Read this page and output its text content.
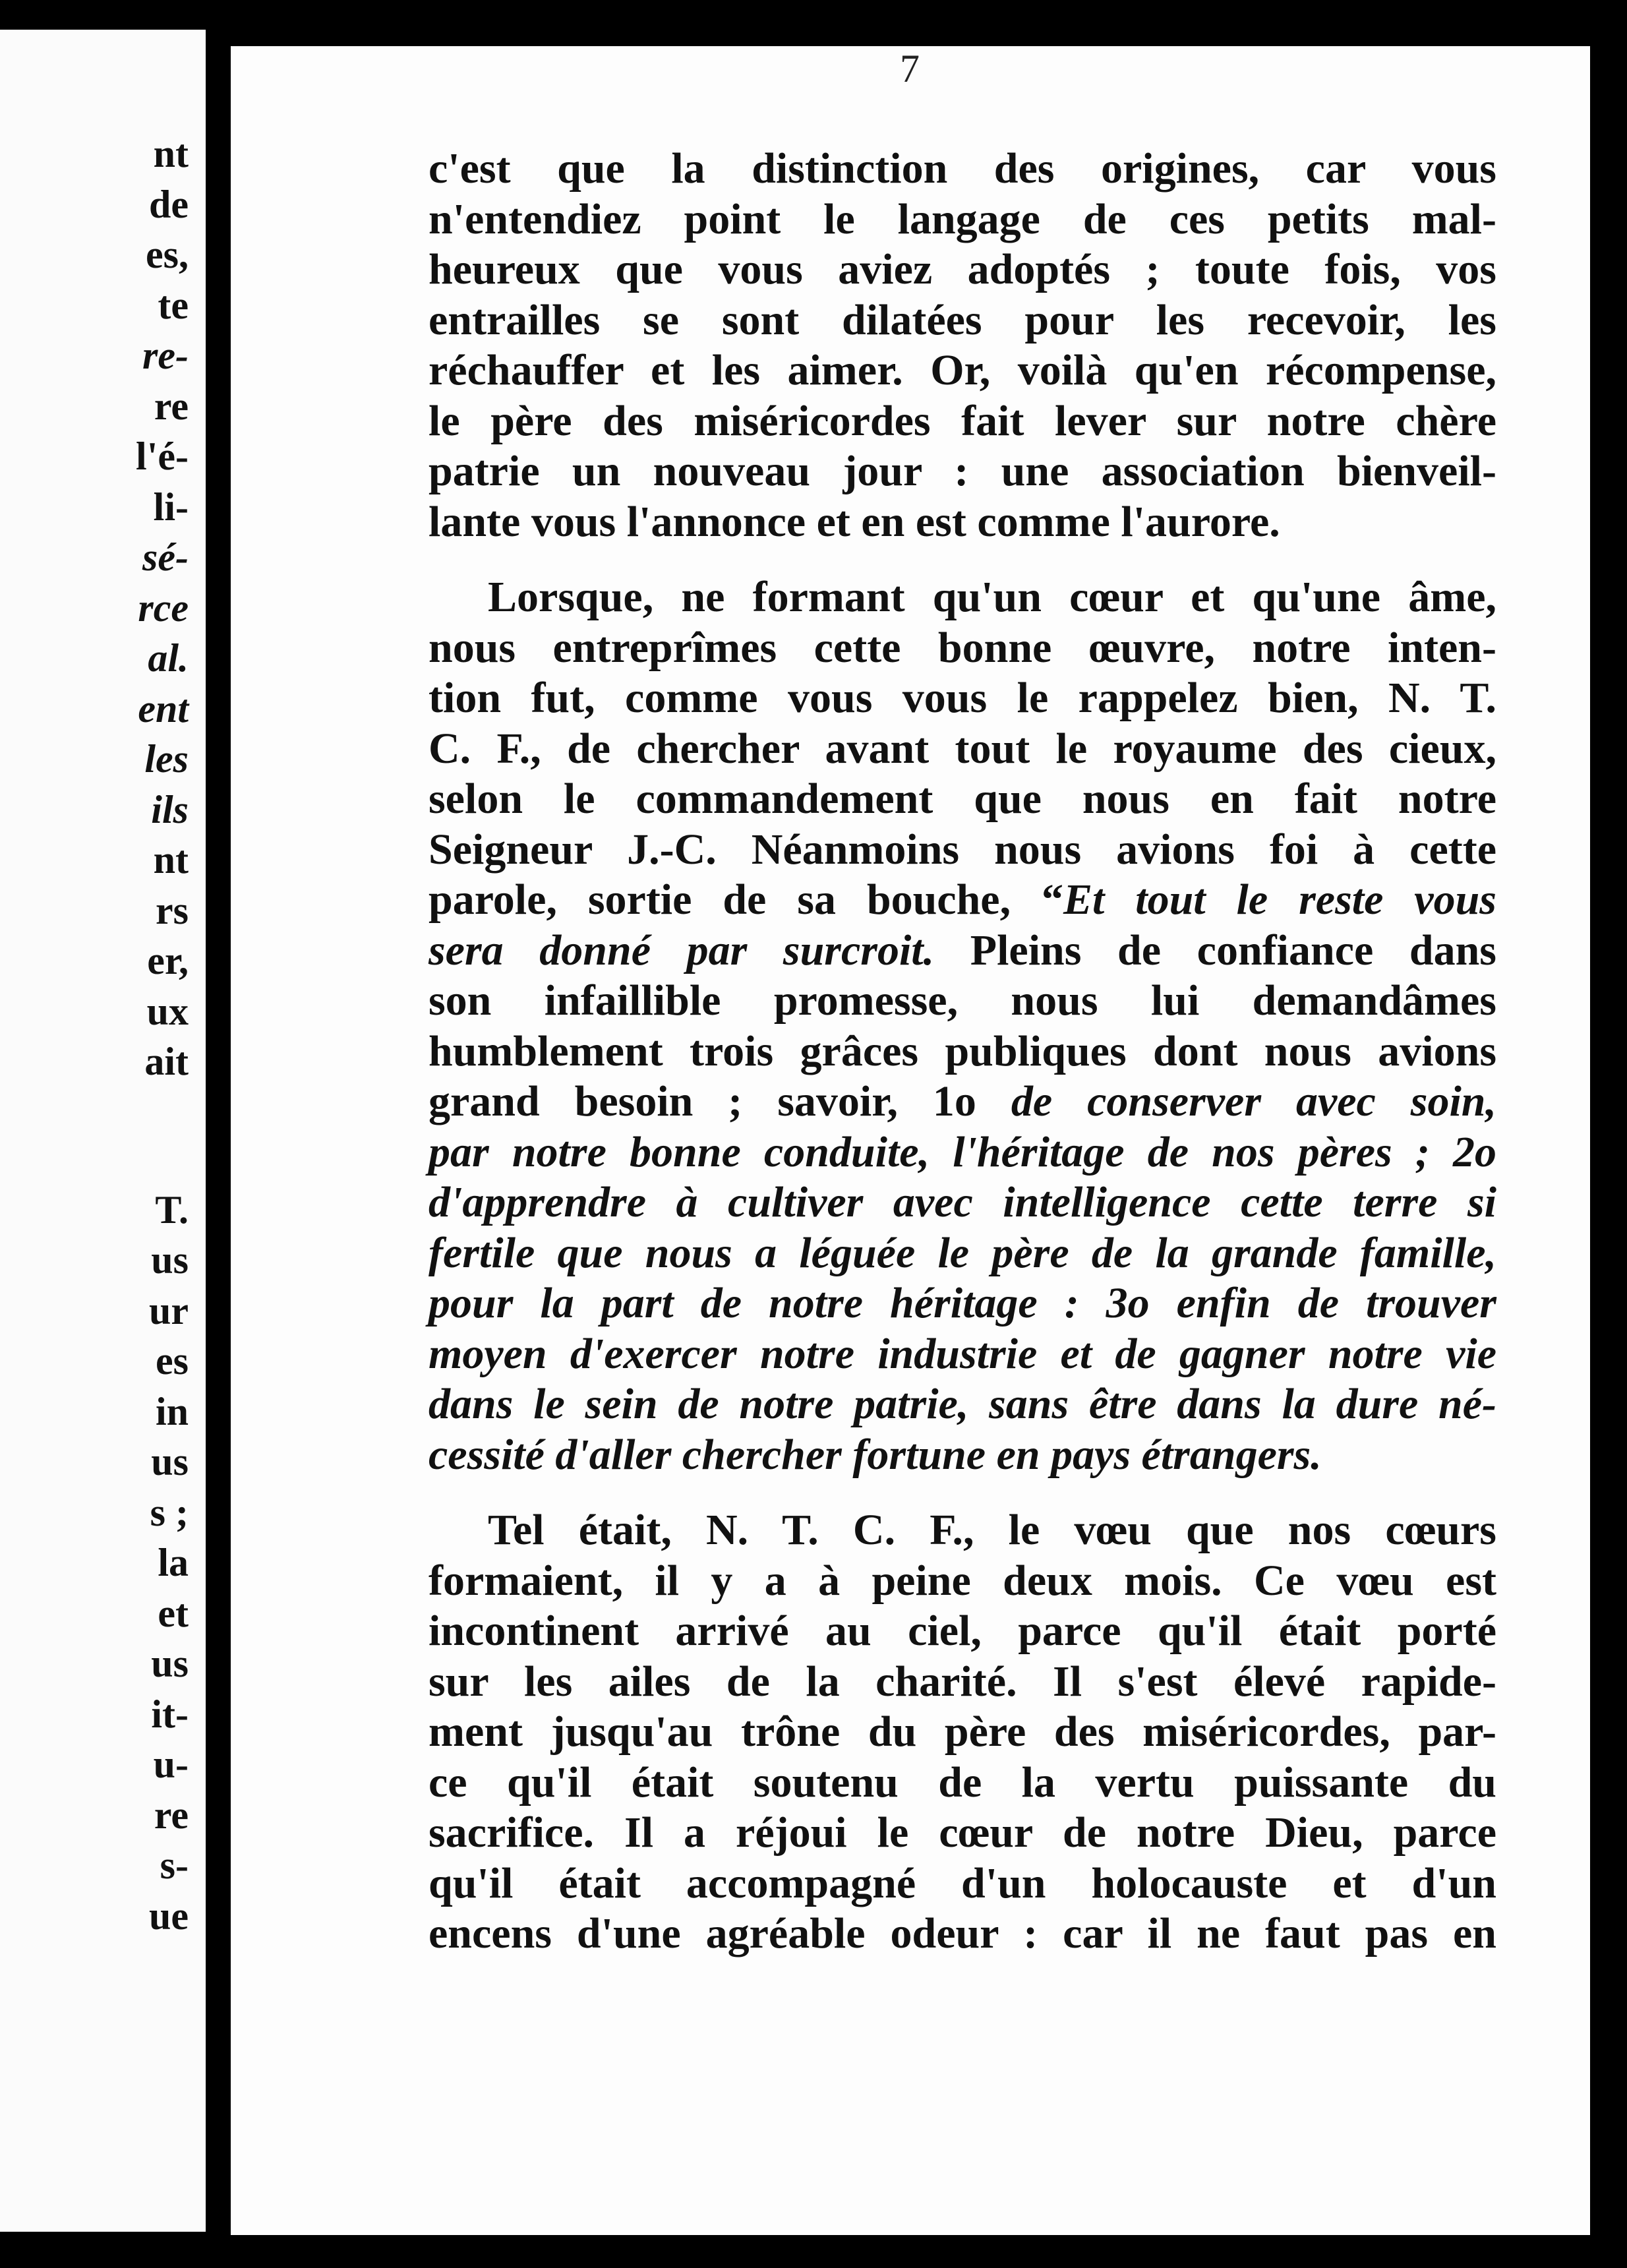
nt
de
es,
te
re-
re
l'é-
li-
sé-
rce
al.
ent
les
ils
nt
rs
er,
ux
ait
T.
us
ur
es
in
us
s ;
la
et
us
it-
u-
re
s-
ue
7

c'est que la distinction des origines, car vous
n'entendiez point le langage de ces petits mal-
heureux que vous aviez adoptés ; toute fois, vos
entrailles se sont dilatées pour les recevoir, les
réchauffer et les aimer. Or, voilà qu'en récompense,
le père des miséricordes fait lever sur notre chère
patrie un nouveau jour : une association bienveil-
lante vous l'annonce et en est comme l'aurore.

Lorsque, ne formant qu'un cœur et qu'une âme,
nous entreprîmes cette bonne œuvre, notre inten-
tion fut, comme vous vous le rappelez bien, N. T.
C. F., de chercher avant tout le royaume des cieux,
selon le commandement que nous en fait notre
Seigneur J.-C. Néanmoins nous avions foi à cette
parole, sortie de sa bouche, “Et tout le reste vous
sera donné par surcroit. Pleins de confiance dans
son infaillible promesse, nous lui demandâmes
humblement trois grâces publiques dont nous avions
grand besoin ; savoir, 1o de conserver avec soin,
par notre bonne conduite, l'héritage de nos pères ; 2o
d'apprendre à cultiver avec intelligence cette terre si
fertile que nous a léguée le père de la grande famille,
pour la part de notre héritage : 3o enfin de trouver
moyen d'exercer notre industrie et de gagner notre vie
dans le sein de notre patrie, sans être dans la dure né-
cessité d'aller chercher fortune en pays étrangers.

Tel était, N. T. C. F., le vœu que nos cœurs
formaient, il y a à peine deux mois. Ce vœu est
incontinent arrivé au ciel, parce qu'il était porté
sur les ailes de la charité. Il s'est élevé rapide-
ment jusqu'au trône du père des miséricordes, par-
ce qu'il était soutenu de la vertu puissante du
sacrifice. Il a réjoui le cœur de notre Dieu, parce
qu'il était accompagné d'un holocauste et d'un
encens d'une agréable odeur : car il ne faut pas en
